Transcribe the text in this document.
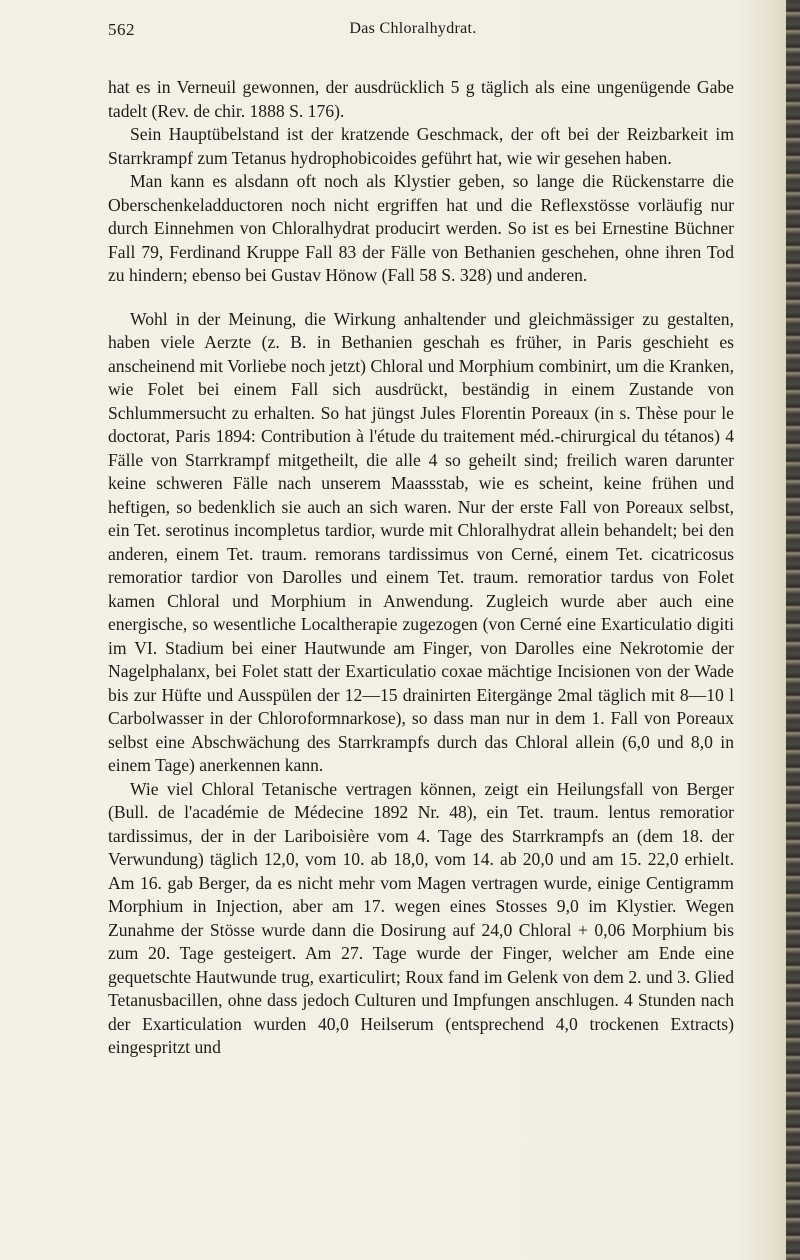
562	Das Chloralhydrat.

hat es in Verneuil gewonnen, der ausdrücklich 5 g täglich als eine ungenügende Gabe tadelt (Rev. de chir. 1888 S. 176).

Sein Hauptübelstand ist der kratzende Geschmack, der oft bei der Reizbarkeit im Starrkrampf zum Tetanus hydrophobicoides geführt hat, wie wir gesehen haben.

Man kann es alsdann oft noch als Klystier geben, so lange die Rückenstarre die Oberschenkeladductoren noch nicht ergriffen hat und die Reflexstösse vorläufig nur durch Einnehmen von Chloralhydrat producirt werden. So ist es bei Ernestine Büchner Fall 79, Ferdinand Kruppe Fall 83 der Fälle von Bethanien geschehen, ohne ihren Tod zu hindern; ebenso bei Gustav Hönow (Fall 58 S. 328) und anderen.

Wohl in der Meinung, die Wirkung anhaltender und gleichmässiger zu gestalten, haben viele Aerzte (z. B. in Bethanien geschah es früher, in Paris geschieht es anscheinend mit Vorliebe noch jetzt) Chloral und Morphium combinirt, um die Kranken, wie Folet bei einem Fall sich ausdrückt, beständig in einem Zustande von Schlummersucht zu erhalten. So hat jüngst Jules Florentin Poreaux (in s. Thèse pour le doctorat, Paris 1894: Contribution à l'étude du traitement méd.-chirurgical du tétanos) 4 Fälle von Starrkrampf mitgetheilt, die alle 4 so geheilt sind; freilich waren darunter keine schweren Fälle nach unserem Maassstab, wie es scheint, keine frühen und heftigen, so bedenklich sie auch an sich waren. Nur der erste Fall von Poreaux selbst, ein Tet. serotinus incompletus tardior, wurde mit Chloralhydrat allein behandelt; bei den anderen, einem Tet. traum. remorans tardissimus von Cerné, einem Tet. cicatricosus remoratior tardior von Darolles und einem Tet. traum. remoratior tardus von Folet kamen Chloral und Morphium in Anwendung. Zugleich wurde aber auch eine energische, so wesentliche Localtherapie zugezogen (von Cerné eine Exarticulatio digiti im VI. Stadium bei einer Hautwunde am Finger, von Darolles eine Nekrotomie der Nagelphalanx, bei Folet statt der Exarticulatio coxae mächtige Incisionen von der Wade bis zur Hüfte und Ausspülen der 12—15 drainirten Eitergänge 2mal täglich mit 8—10 l Carbolwasser in der Chloroformnarkose), so dass man nur in dem 1. Fall von Poreaux selbst eine Abschwächung des Starrkrampfs durch das Chloral allein (6,0 und 8,0 in einem Tage) anerkennen kann.

Wie viel Chloral Tetanische vertragen können, zeigt ein Heilungsfall von Berger (Bull. de l'académie de Médecine 1892 Nr. 48), ein Tet. traum. lentus remoratior tardissimus, der in der Lariboisière vom 4. Tage des Starrkrampfs an (dem 18. der Verwundung) täglich 12,0, vom 10. ab 18,0, vom 14. ab 20,0 und am 15. 22,0 erhielt. Am 16. gab Berger, da es nicht mehr vom Magen vertragen wurde, einige Centigramm Morphium in Injection, aber am 17. wegen eines Stosses 9,0 im Klystier. Wegen Zunahme der Stösse wurde dann die Dosirung auf 24,0 Chloral + 0,06 Morphium bis zum 20. Tage gesteigert. Am 27. Tage wurde der Finger, welcher am Ende eine gequetschte Hautwunde trug, exarticulirt; Roux fand im Gelenk von dem 2. und 3. Glied Tetanusbacillen, ohne dass jedoch Culturen und Impfungen anschlugen. 4 Stunden nach der Exarticulation wurden 40,0 Heilserum (entsprechend 4,0 trockenen Extracts) eingespritzt und
